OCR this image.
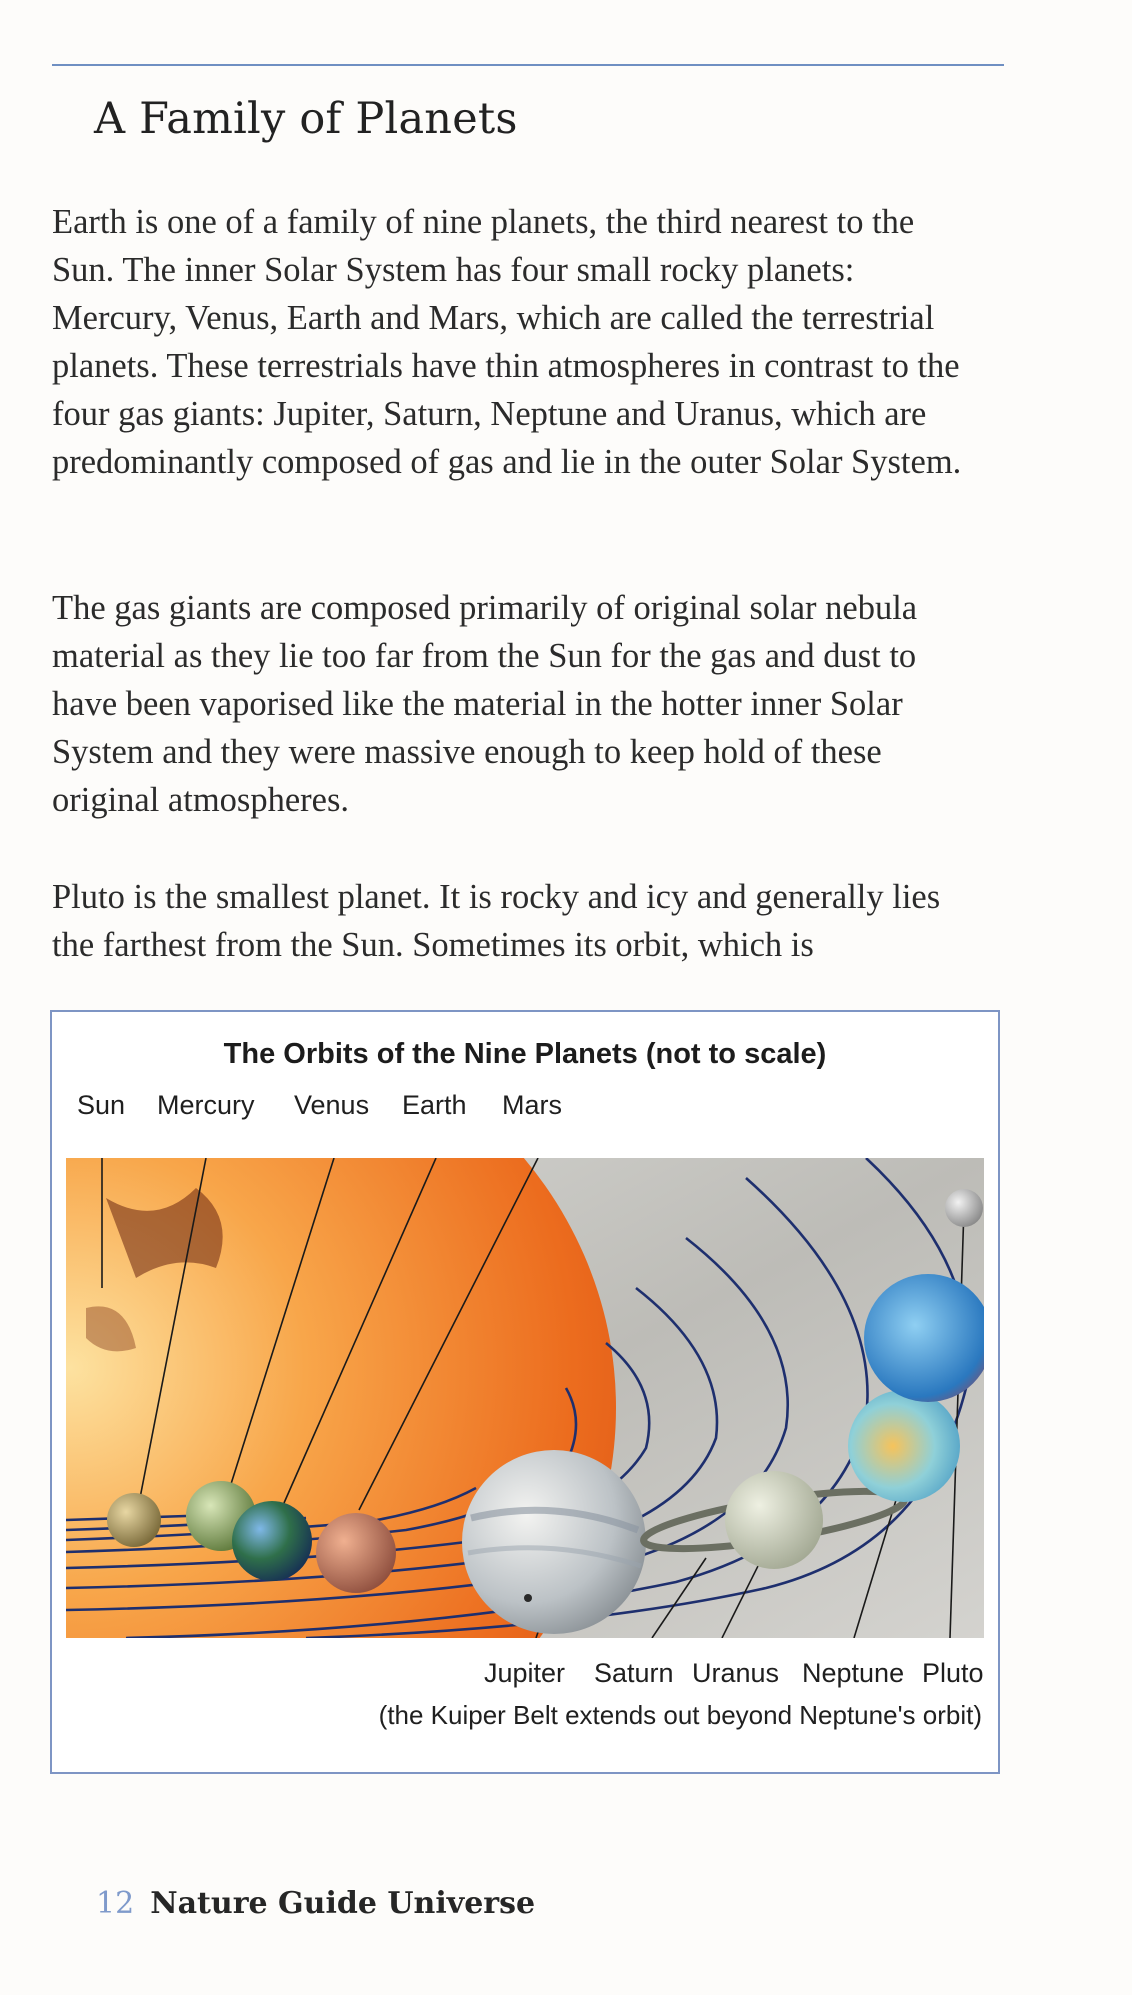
A Family of Planets

Earth is one of a family of nine planets, the third nearest to the Sun. The inner Solar System has four small rocky planets: Mercury, Venus, Earth and Mars, which are called the terrestrial planets. These terrestrials have thin atmospheres in contrast to the four gas giants: Jupiter, Saturn, Neptune and Uranus, which are predominantly composed of gas and lie in the outer Solar System.

The gas giants are composed primarily of original solar nebula material as they lie too far from the Sun for the gas and dust to have been vaporised like the material in the hotter inner Solar System and they were massive enough to keep hold of these original atmospheres.

Pluto is the smallest planet. It is rocky and icy and generally lies the farthest from the Sun. Sometimes its orbit, which is

The Orbits of the Nine Planets (not to scale)
Sun Mercury Venus Earth Mars
Jupiter Saturn Uranus Neptune Pluto
(the Kuiper Belt extends out beyond Neptune's orbit)
12 Nature Guide Universe
